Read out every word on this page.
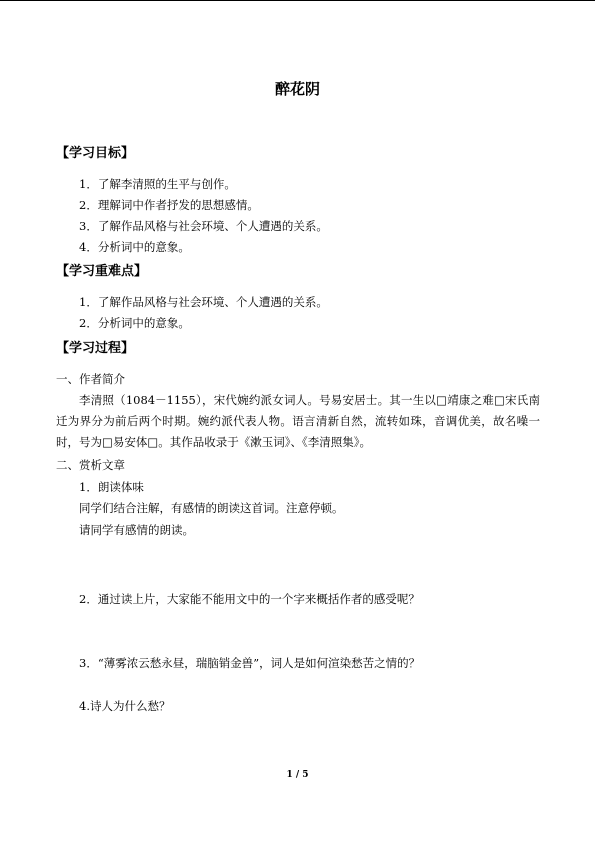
醉花阴
【学习目标】
1．了解李清照的生平与创作。
2．理解词中作者抒发的思想感情。
3．了解作品风格与社会环境、个人遭遇的关系。
4．分析词中的意象。
【学习重难点】
1．了解作品风格与社会环境、个人遭遇的关系。
2．分析词中的意象。
【学习过程】
一、作者简介
李清照（1084－1155），宋代婉约派女词人。号易安居士。其一生以□靖康之难□宋氏南迁为界分为前后两个时期。婉约派代表人物。语言清新自然，流转如珠，音调优美，故名噪一时，号为□易安体□。其作品收录于《漱玉词》、《李清照集》。
二、赏析文章
1．朗读体味
同学们结合注解，有感情的朗读这首词。注意停顿。
请同学有感情的朗读。
2．通过读上片，大家能不能用文中的一个字来概括作者的感受呢？
3．“薄雾浓云愁永昼，瑞脑销金兽”，词人是如何渲染愁苦之情的？
4.诗人为什么愁？
1 / 5
